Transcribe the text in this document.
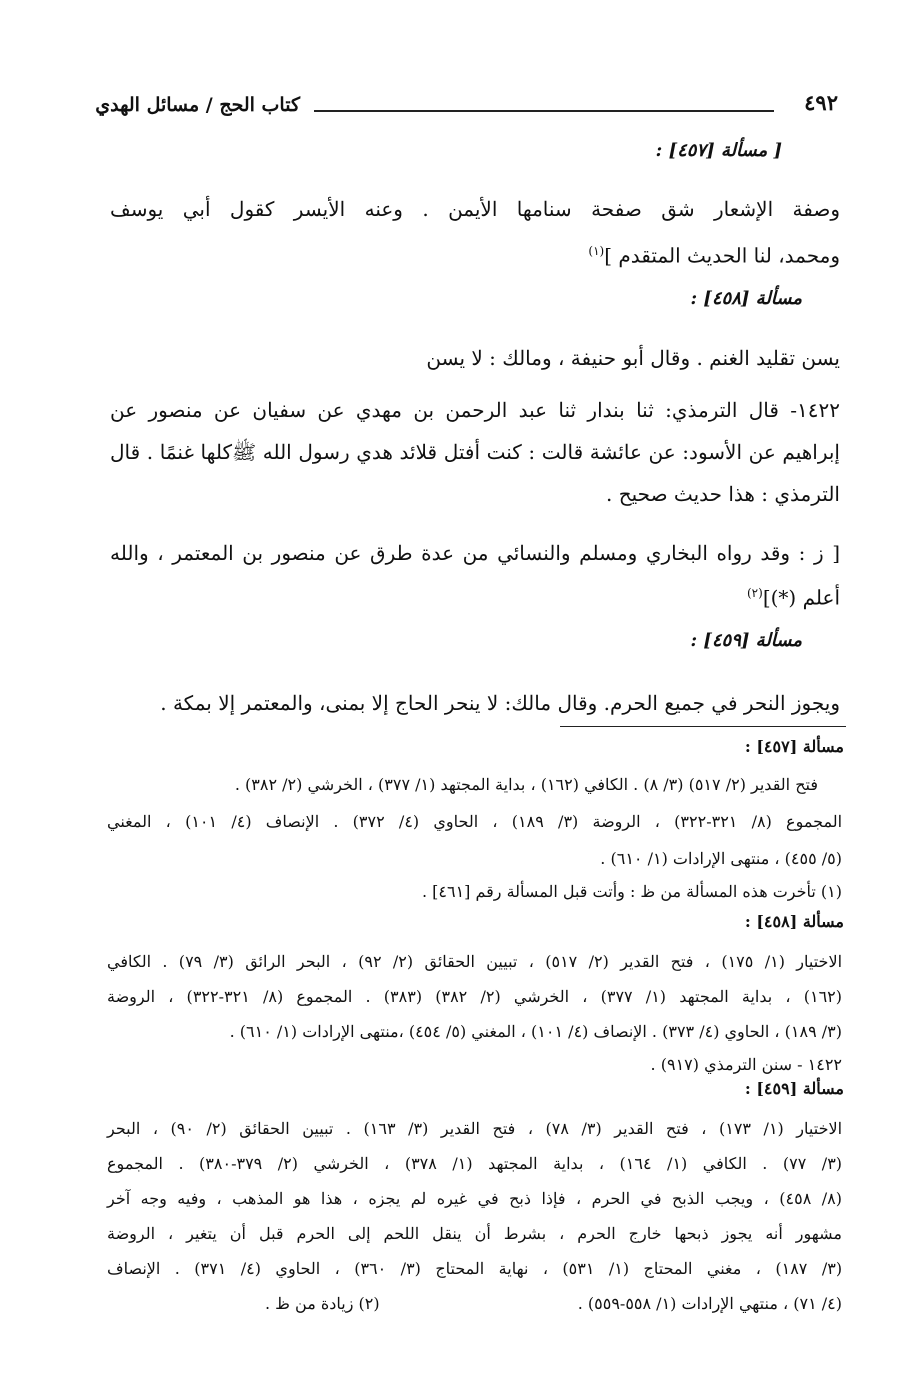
٤٩٢
كتاب الحج / مسائل الهدي
[ مسألة [٤٥٧] :
وصفة الإشعار شق صفحة سنامها الأيمن . وعنه الأيسر كقول أبي يوسف
ومحمد، لنا الحديث المتقدم ]$^{(١)}$
مسألة [٤٥٨] :
يسن تقليد الغنم . وقال أبو حنيفة ، ومالك : لا يسن
١٤٢٢- قال الترمذي: ثنا بندار ثنا عبد الرحمن بن مهدي عن سفيان عن منصور عن
إبراهيم عن الأسود: عن عائشة قالت : كنت أفتل قلائد هدي رسول الله ﷺكلها غنمًا . قال
الترمذي : هذا حديث صحيح .
[ ز : وقد رواه البخاري ومسلم والنسائي من عدة طرق عن منصور بن المعتمر ، والله
أعلم (*)]$^{(٢)}$
مسألة [٤٥٩] :
ويجوز النحر في جميع الحرم. وقال مالك: لا ينحر الحاج إلا بمنى، والمعتمر إلا بمكة .
مسألة [٤٥٧] :
فتح القدير (٢/ ٥١٧) (٣/ ٨) . الكافي (١٦٢) ، بداية المجتهد (١/ ٣٧٧) ، الخرشي (٢/ ٣٨٢) .
المجموع (٨/ ٣٢١-٣٢٢) ، الروضة (٣/ ١٨٩) ، الحاوي (٤/ ٣٧٢) . الإنصاف (٤/ ١٠١) ، المغني
(٥/ ٤٥٥) ، منتهى الإرادات (١/ ٦١٠) .
(١) تأخرت هذه المسألة من ظ : وأتت قبل المسألة رقم [٤٦١] .
مسألة [٤٥٨] :
الاختيار (١/ ١٧٥) ، فتح القدير (٢/ ٥١٧) ، تبيين الحقائق (٢/ ٩٢) ، البحر الرائق (٣/ ٧٩) . الكافي
(١٦٢) ، بداية المجتهد (١/ ٣٧٧) ، الخرشي (٢/ ٣٨٢) (٣٨٣) . المجموع (٨/ ٣٢١-٣٢٢) ، الروضة
(٣/ ١٨٩) ، الحاوي (٤/ ٣٧٣) . الإنصاف (٤/ ١٠١) ، المغني (٥/ ٤٥٤) ،منتهى الإرادات (١/ ٦١٠) .
١٤٢٢ - سنن الترمذي (٩١٧) .
مسألة [٤٥٩] :
الاختيار (١/ ١٧٣) ، فتح القدير (٣/ ٧٨) ، فتح القدير (٣/ ١٦٣) . تبيين الحقائق (٢/ ٩٠) ، البحر
(٣/ ٧٧) . الكافي (١/ ١٦٤) ، بداية المجتهد (١/ ٣٧٨) ، الخرشي (٢/ ٣٧٩-٣٨٠) . المجموع
(٨/ ٤٥٨) ، ويجب الذبح في الحرم ، فإذا ذبح في غيره لم يجزه ، هذا هو المذهب ، وفيه وجه آخر
مشهور أنه يجوز ذبحها خارج الحرم ، بشرط أن ينقل اللحم إلى الحرم قبل أن يتغير ، الروضة
(٣/ ١٨٧) ، مغني المحتاج (١/ ٥٣١) ، نهاية المحتاج (٣/ ٣٦٠) ، الحاوي (٤/ ٣٧١) . الإنصاف
(٤/ ٧١) ، منتهي الإرادات (١/ ٥٥٨-٥٥٩) .
(٢) زيادة من ظ .
